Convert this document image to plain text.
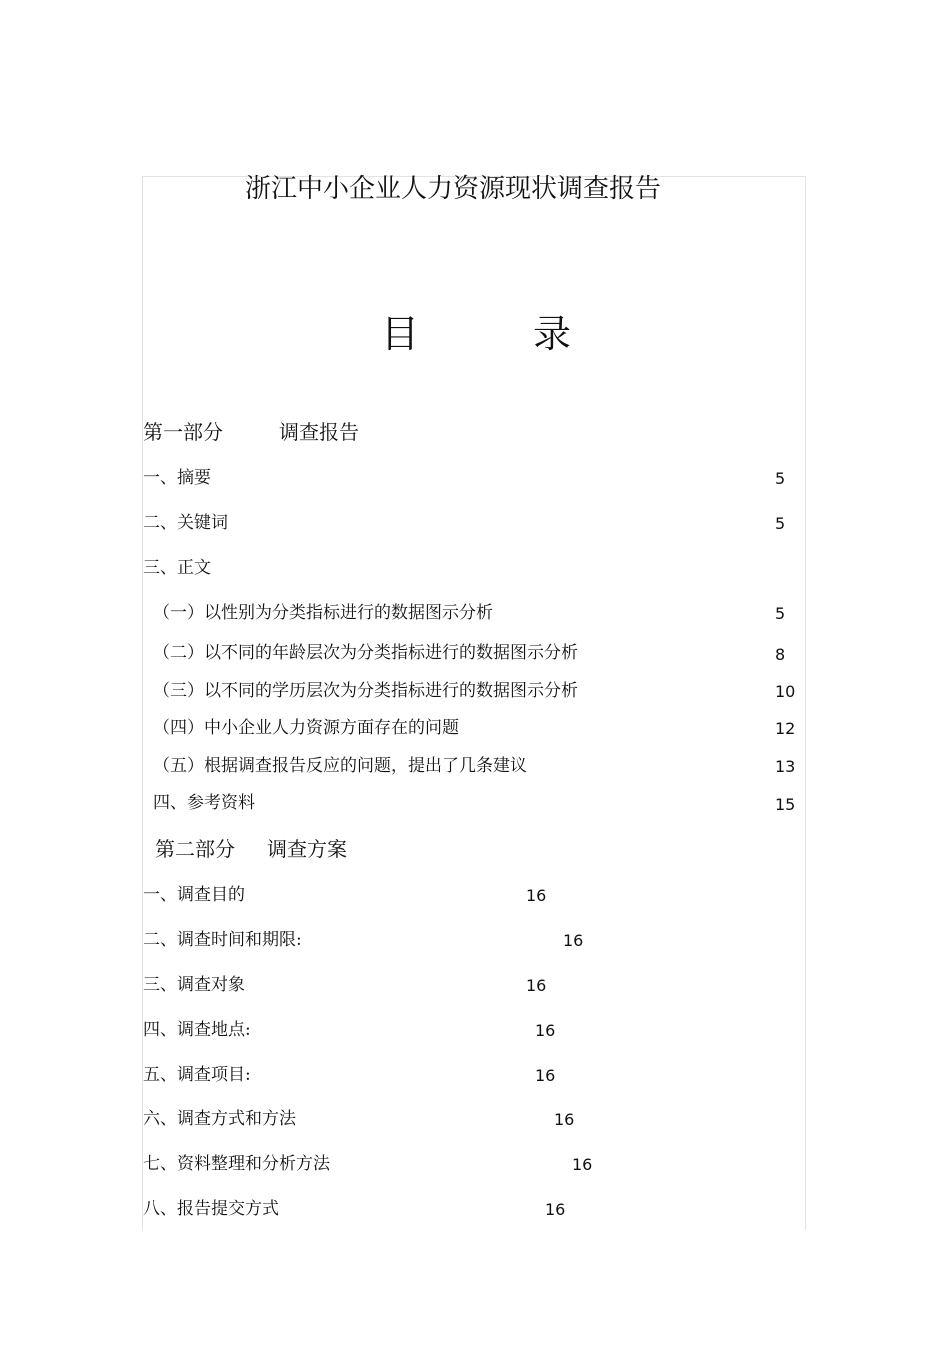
浙江中小企业人力资源现状调查报告
目	录
第一部分	调查报告
一、摘要	5
二、关键词	5
三、正文
（一）以性别为分类指标进行的数据图示分析	5
（二）以不同的年龄层次为分类指标进行的数据图示分析	8
（三）以不同的学历层次为分类指标进行的数据图示分析	10
（四）中小企业人力资源方面存在的问题	12
（五）根据调查报告反应的问题，提出了几条建议	13
四、参考资料	15
第二部分 调查方案
一、调查目的	16
二、调查时间和期限:	16
三、调查对象	16
四、调查地点:	16
五、调查项目:	16
六、调查方式和方法	16
七、资料整理和分析方法	16
八、报告提交方式	16
